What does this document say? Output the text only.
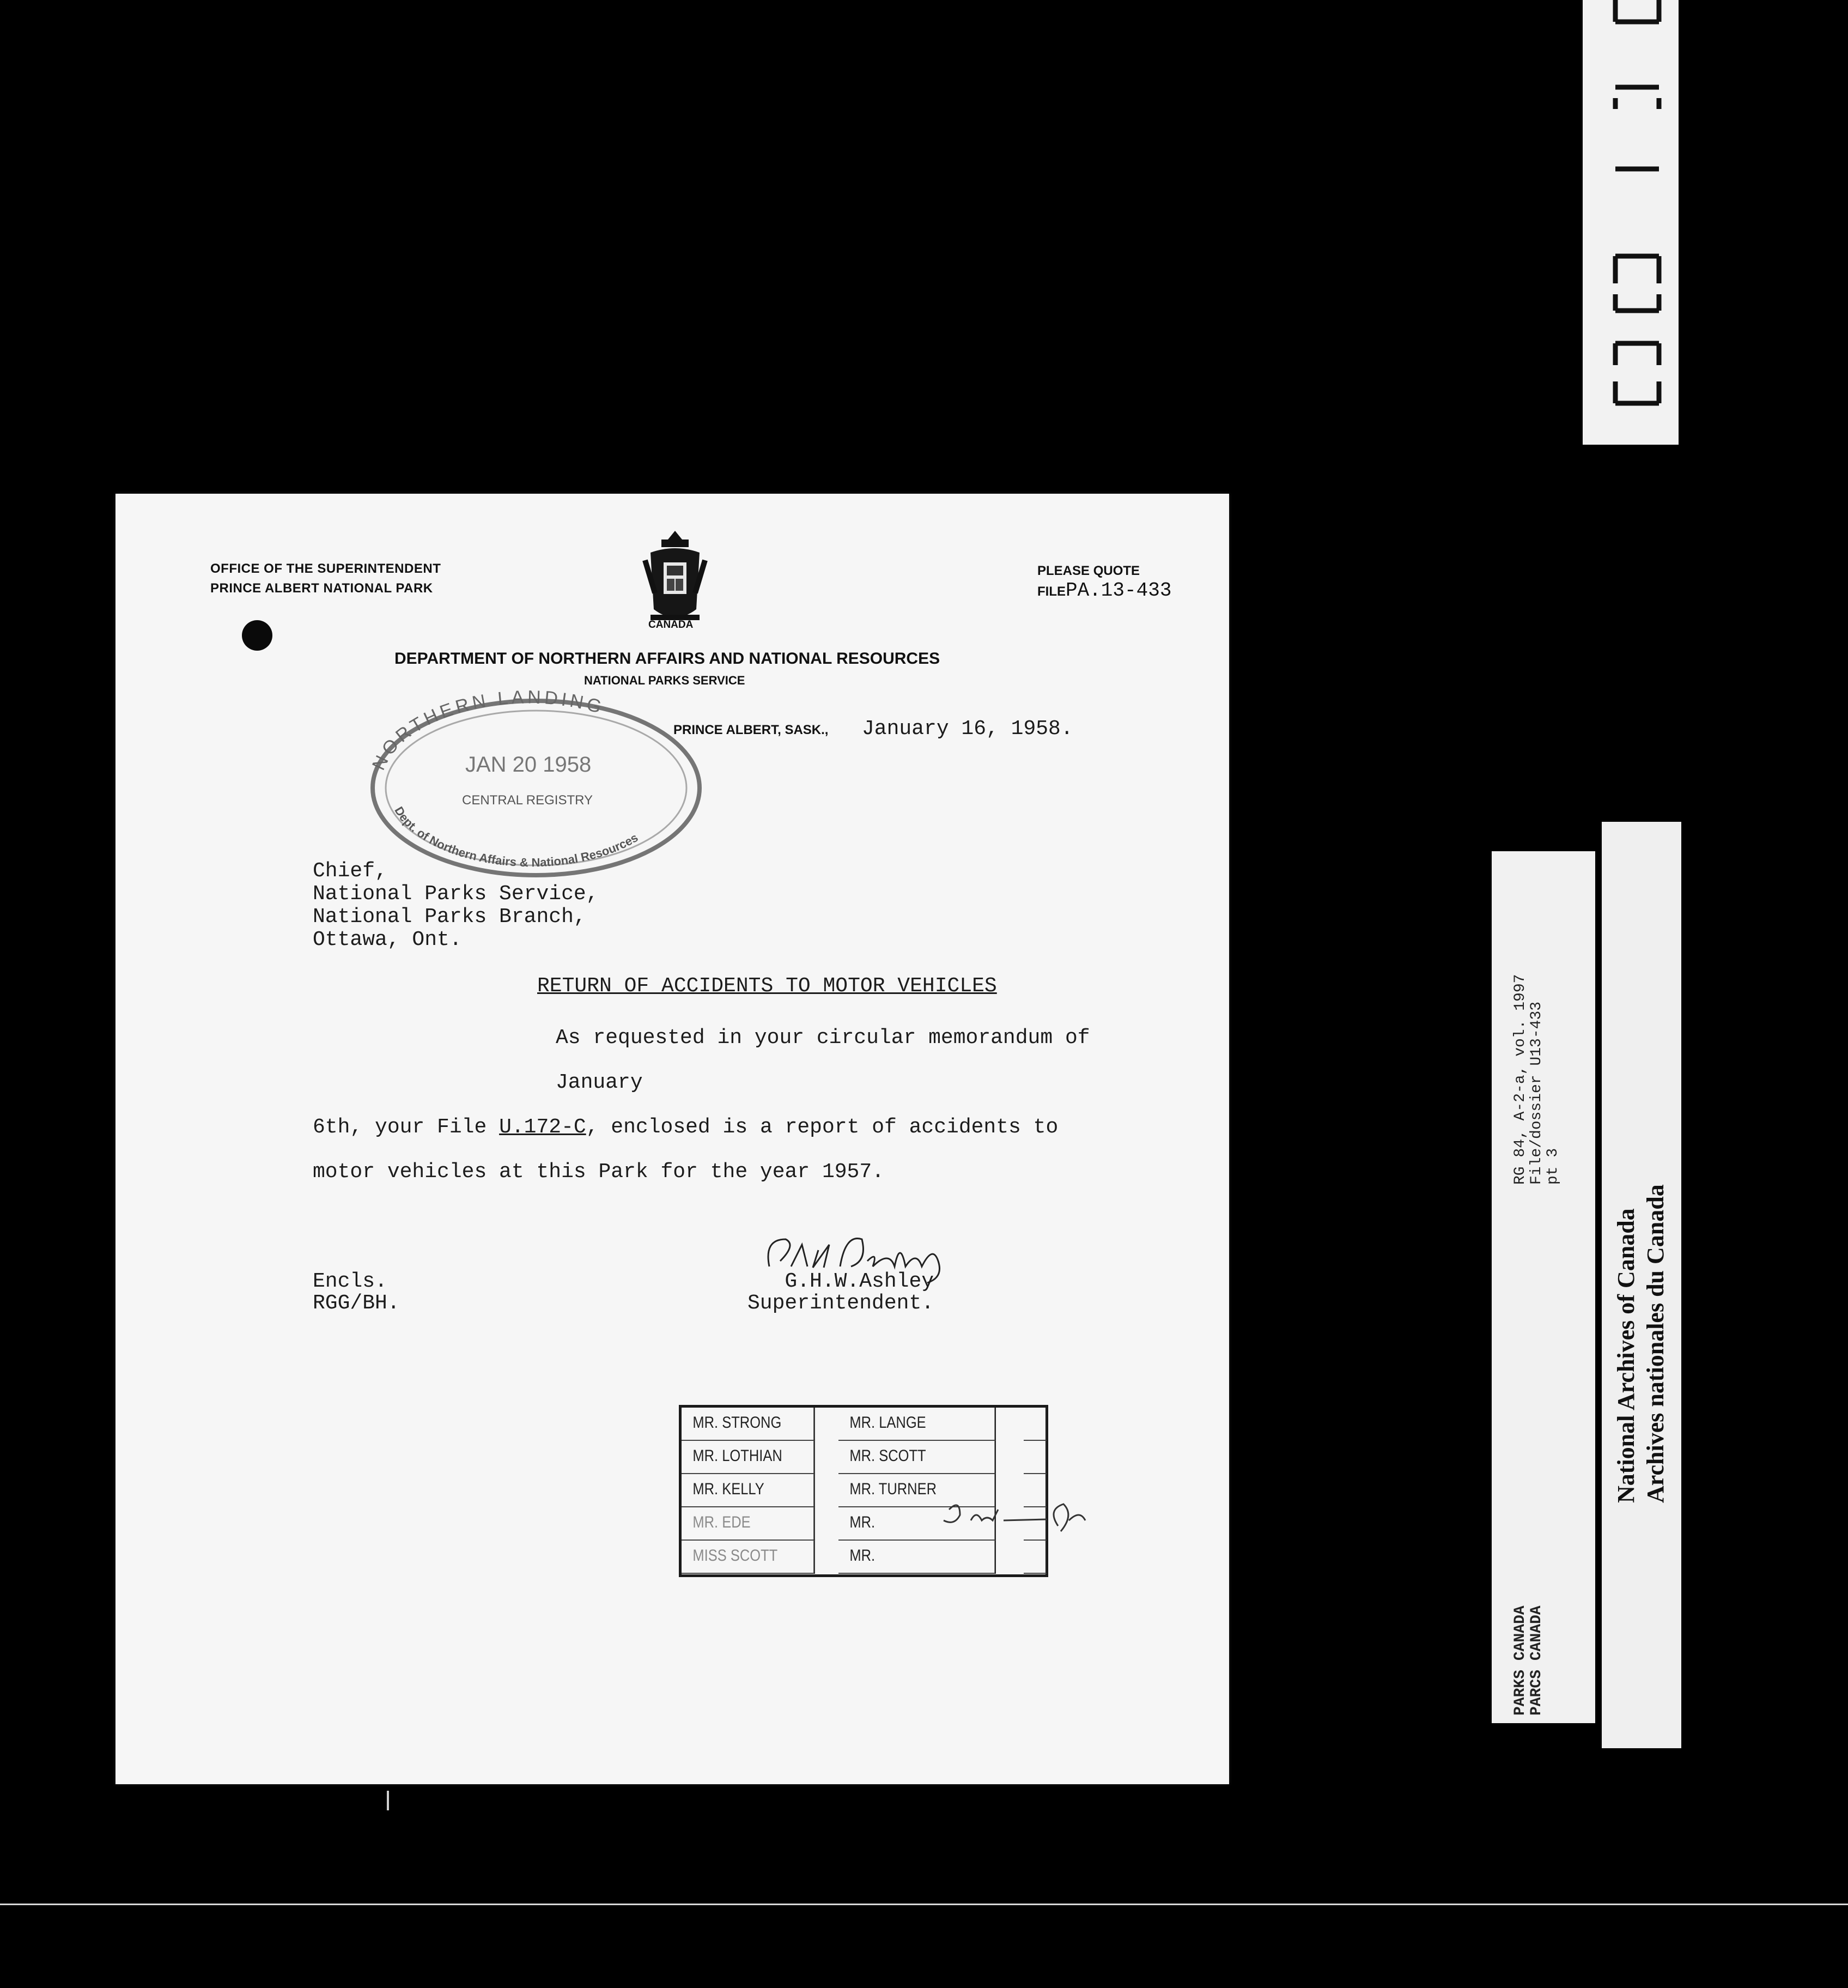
OFFICE OF THE SUPERINTENDENT
PRINCE ALBERT NATIONAL PARK
CANADA
PLEASE QUOTE
FILEPA.13-433
DEPARTMENT OF NORTHERN AFFAIRS AND NATIONAL RESOURCES
NATIONAL PARKS SERVICE
NORTHERN LANDING
JAN 20 1958
CENTRAL REGISTRY
Dept. of Northern Affairs & National Resources
PRINCE ALBERT, SASK., January 16, 1958.
Chief,
National Parks Service,
National Parks Branch,
Ottawa, Ont.
RETURN OF ACCIDENTS TO MOTOR VEHICLES
As requested in your circular memorandum of January
6th, your File U.172-C, enclosed is a report of accidents to
motor vehicles at this Park for the year 1957.
G.H.W.Ashley
Superintendent.
Encls.
RGG/BH.
MR. STRONG	MR. LANGE
MR. LOTHIAN	MR. SCOTT
MR. KELLY	MR. TURNER
MR. EDE	MR.
MISS SCOTT	MR.
RG 84, A-2-a, vol. 1997 File/dossier U13-433 pt 3
PARKS CANADA PARCS CANADA
National Archives of Canada Archives nationales du Canada
